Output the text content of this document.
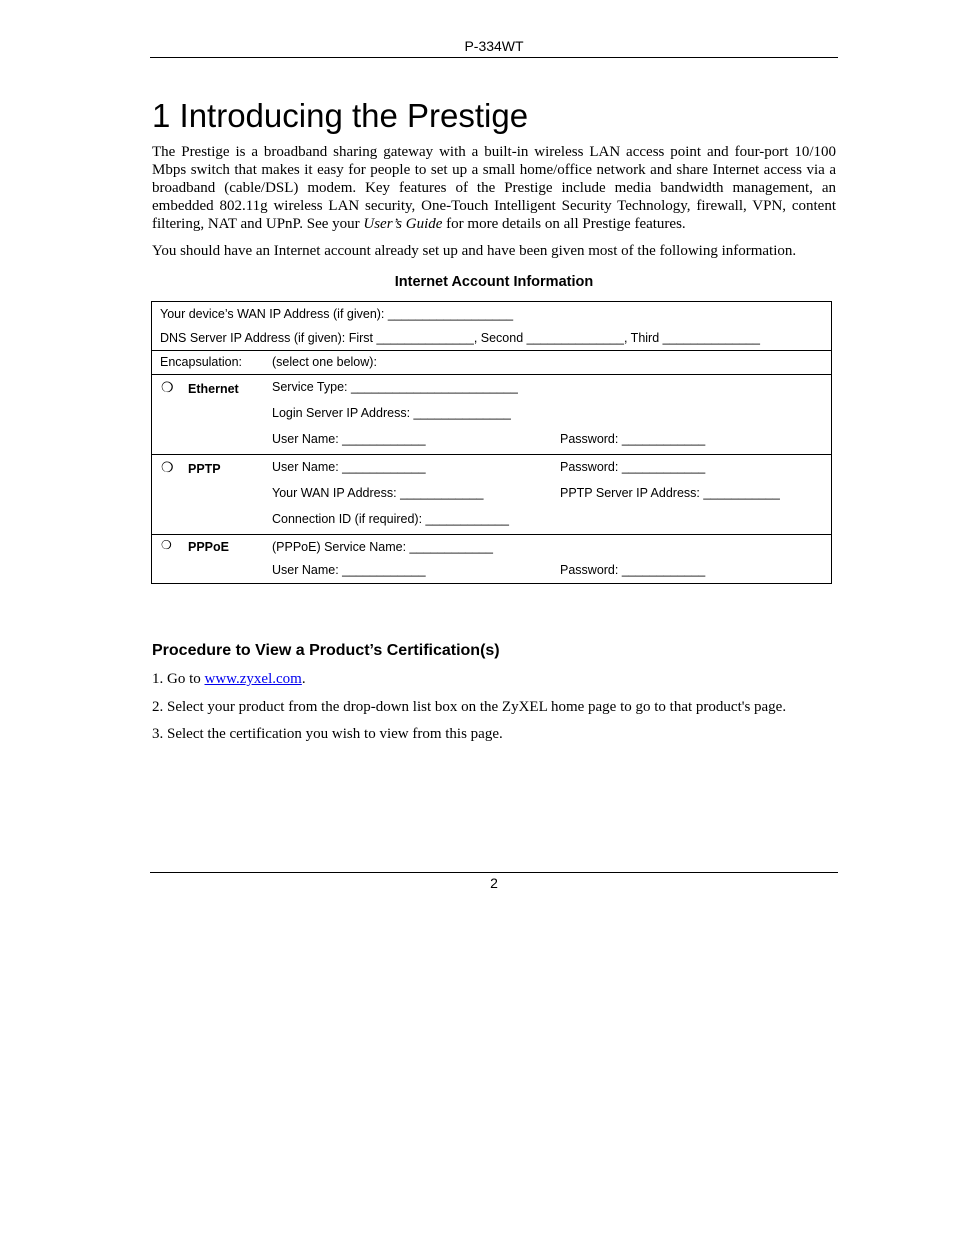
P-334WT
1 Introducing the Prestige

The Prestige is a broadband sharing gateway with a built-in wireless LAN access point and four-port 10/100 Mbps switch that makes it easy for people to set up a small home/office network and share Internet access via a broadband (cable/DSL) modem. Key features of the Prestige include media bandwidth management, an embedded 802.11g wireless LAN security, One-Touch Intelligent Security Technology, firewall, VPN, content filtering, NAT and UPnP. See your User’s Guide for more details on all Prestige features.

You should have an Internet account already set up and have been given most of the following information.

Internet Account Information
Your device’s WAN IP Address (if given): __________________
DNS Server IP Address (if given): First ______________, Second ______________, Third ______________
Encapsulation: (select one below):
❍ Ethernet	Service Type: ________________________
Login Server IP Address: ______________
User Name: ____________	Password: ____________
❍ PPTP	User Name: ____________	Password: ____________
Your WAN IP Address: ____________	PPTP Server IP Address: ___________
Connection ID (if required): ____________
❍ PPPoE	(PPPoE) Service Name: ____________
User Name: ____________	Password: ____________
Procedure to View a Product’s Certification(s)

1. Go to www.zyxel.com.

2. Select your product from the drop-down list box on the ZyXEL home page to go to that product's page.

3. Select the certification you wish to view from this page.

2
